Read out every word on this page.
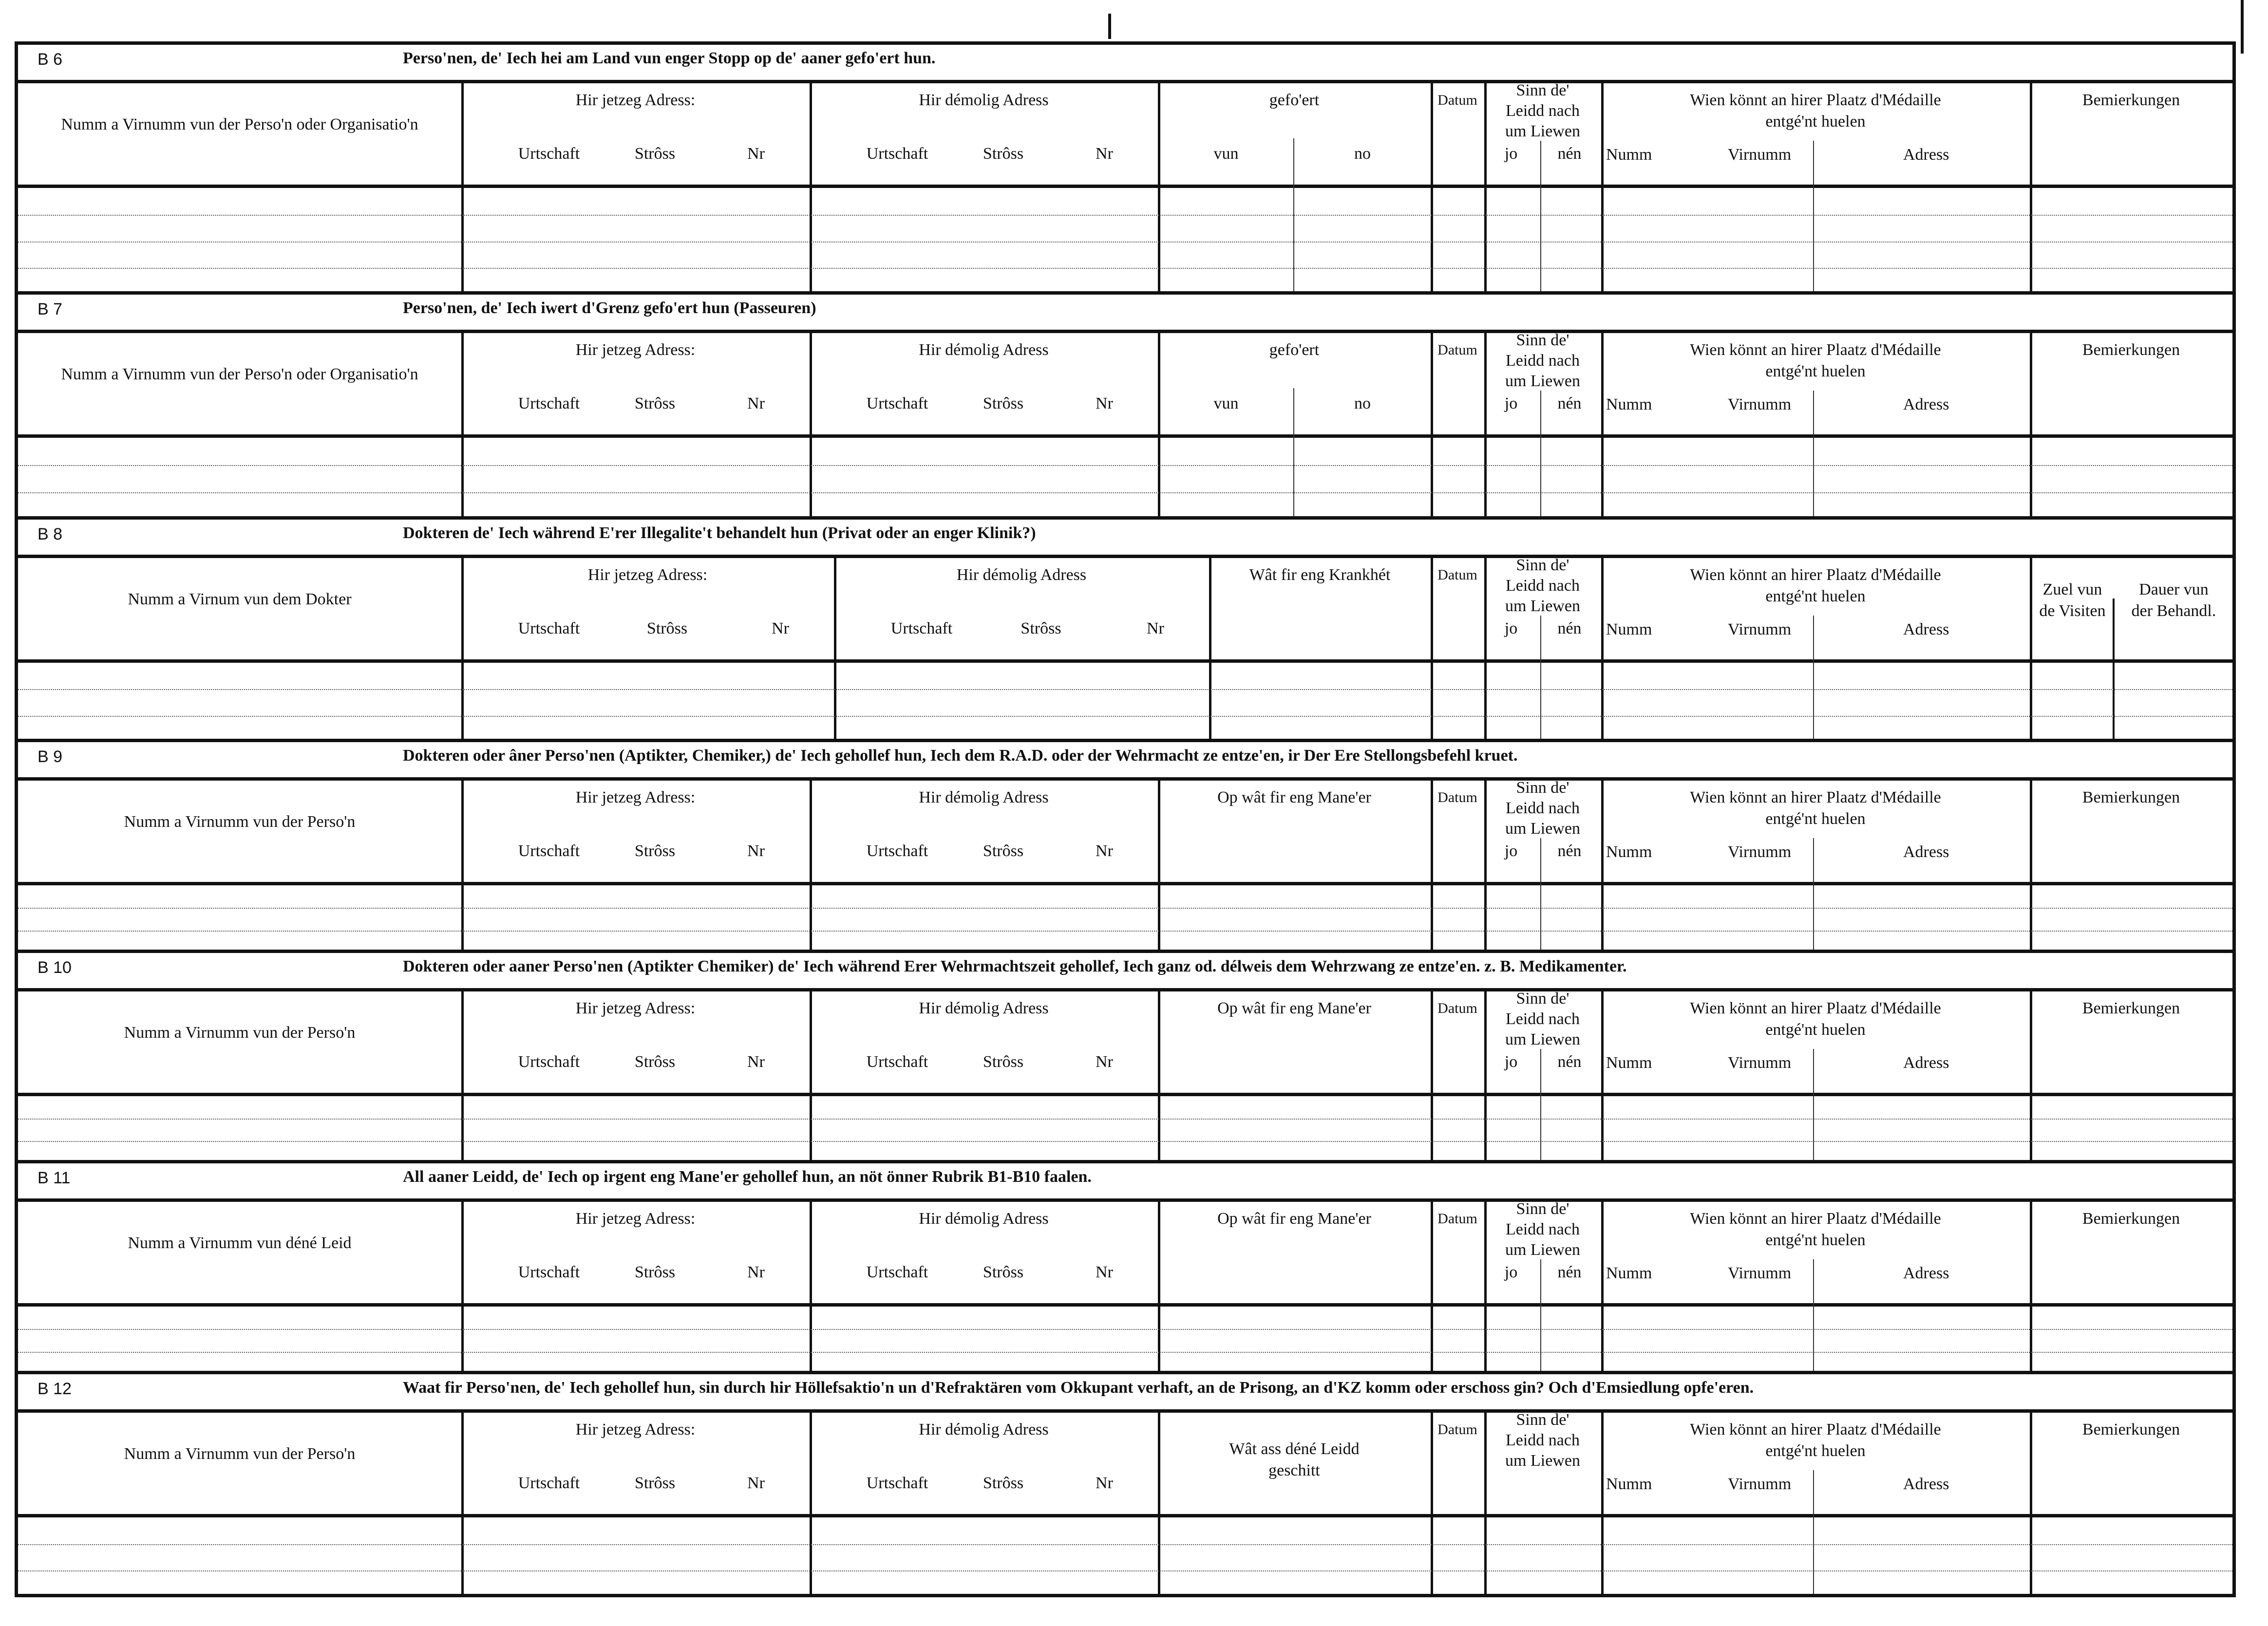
B 6	Perso'nen, de' Iech hei am Land vun enger Stopp op de' aaner gefo'ert hun.
Numm a Virnumm vun der Perso'n oder Organisatio'n
Hir jetzeg Adress:
Urtschaft	Strôss	Nr
Hir démolig Adress
Urtschaft	Strôss	Nr
gefo'ert
vun	no
Datum
Sinn de'
Leidd nach
um Liewen
jo	nén
Wien könnt an hirer Plaatz d'Médaille
entgé'nt huelen
Numm	Virnumm	Adress
Bemierkungen
B 7	Perso'nen, de' Iech iwert d'Grenz gefo'ert hun (Passeuren)
Numm a Virnumm vun der Perso'n oder Organisatio'n
Hir jetzeg Adress:
Urtschaft	Strôss	Nr
Hir démolig Adress
Urtschaft	Strôss	Nr
gefo'ert
vun	no
Datum
Sinn de'
Leidd nach
um Liewen
jo	nén
Wien könnt an hirer Plaatz d'Médaille
entgé'nt huelen
Numm	Virnumm	Adress
Bemierkungen
B 8	Dokteren de' Iech während E'rer Illegalite't behandelt hun (Privat oder an enger Klinik?)
Numm a Virnum vun dem Dokter
Hir jetzeg Adress:
Urtschaft	Strôss	Nr
Hir démolig Adress
Urtschaft	Strôss	Nr
Wât fir eng Krankhét	Datum
Sinn de'
Leidd nach
um Liewen
jo	nén
Wien könnt an hirer Plaatz d'Médaille
entgé'nt huelen
Numm	Virnumm	Adress
Zuel vun
de Visiten
Dauer vun
der Behandl.
B 9	Dokteren oder âner Perso'nen (Aptikter, Chemiker,) de' Iech gehollef hun, Iech dem R.A.D. oder der Wehrmacht ze entze'en, ir Der Ere Stellongsbefehl kruet.
Numm a Virnumm vun der Perso'n
Hir jetzeg Adress:
Urtschaft	Strôss	Nr
Hir démolig Adress
Urtschaft	Strôss	Nr
Op wât fir eng Mane'er	Datum
Sinn de'
Leidd nach
um Liewen
jo	nén
Wien könnt an hirer Plaatz d'Médaille
entgé'nt huelen
Numm	Virnumm	Adress
Bemierkungen
B 10	Dokteren oder aaner Perso'nen (Aptikter Chemiker) de' Iech während Erer Wehrmachtszeit gehollef, Iech ganz od. délweis dem Wehrzwang ze entze'en. z. B. Medikamenter.
Numm a Virnumm vun der Perso'n
Hir jetzeg Adress:
Urtschaft	Strôss	Nr
Hir démolig Adress
Urtschaft	Strôss	Nr
Op wât fir eng Mane'er	Datum
Sinn de'
Leidd nach
um Liewen
jo	nén
Wien könnt an hirer Plaatz d'Médaille
entgé'nt huelen
Numm	Virnumm	Adress
Bemierkungen
B 11	All aaner Leidd, de' Iech op irgent eng Mane'er gehollef hun, an nöt önner Rubrik B1-B10 faalen.
Numm a Virnumm vun déné Leid
Hir jetzeg Adress:
Urtschaft	Strôss	Nr
Hir démolig Adress
Urtschaft	Strôss	Nr
Op wât fir eng Mane'er	Datum
Sinn de'
Leidd nach
um Liewen
jo	nén
Wien könnt an hirer Plaatz d'Médaille
entgé'nt huelen
Numm	Virnumm	Adress
Bemierkungen
B 12	Waat fir Perso'nen, de' Iech gehollef hun, sin durch hir Höllefsaktio'n un d'Refraktären vom Okkupant verhaft, an de Prisong, an d'KZ komm oder erschoss gin? Och d'Emsiedlung opfe'eren.
Numm a Virnumm vun der Perso'n
Hir jetzeg Adress:
Urtschaft	Strôss	Nr
Hir démolig Adress
Urtschaft	Strôss	Nr
Wât ass déné Leidd
geschitt
Datum
Sinn de'
Leidd nach
um Liewen
Wien könnt an hirer Plaatz d'Médaille
entgé'nt huelen
Numm	Virnumm	Adress
Bemierkungen
